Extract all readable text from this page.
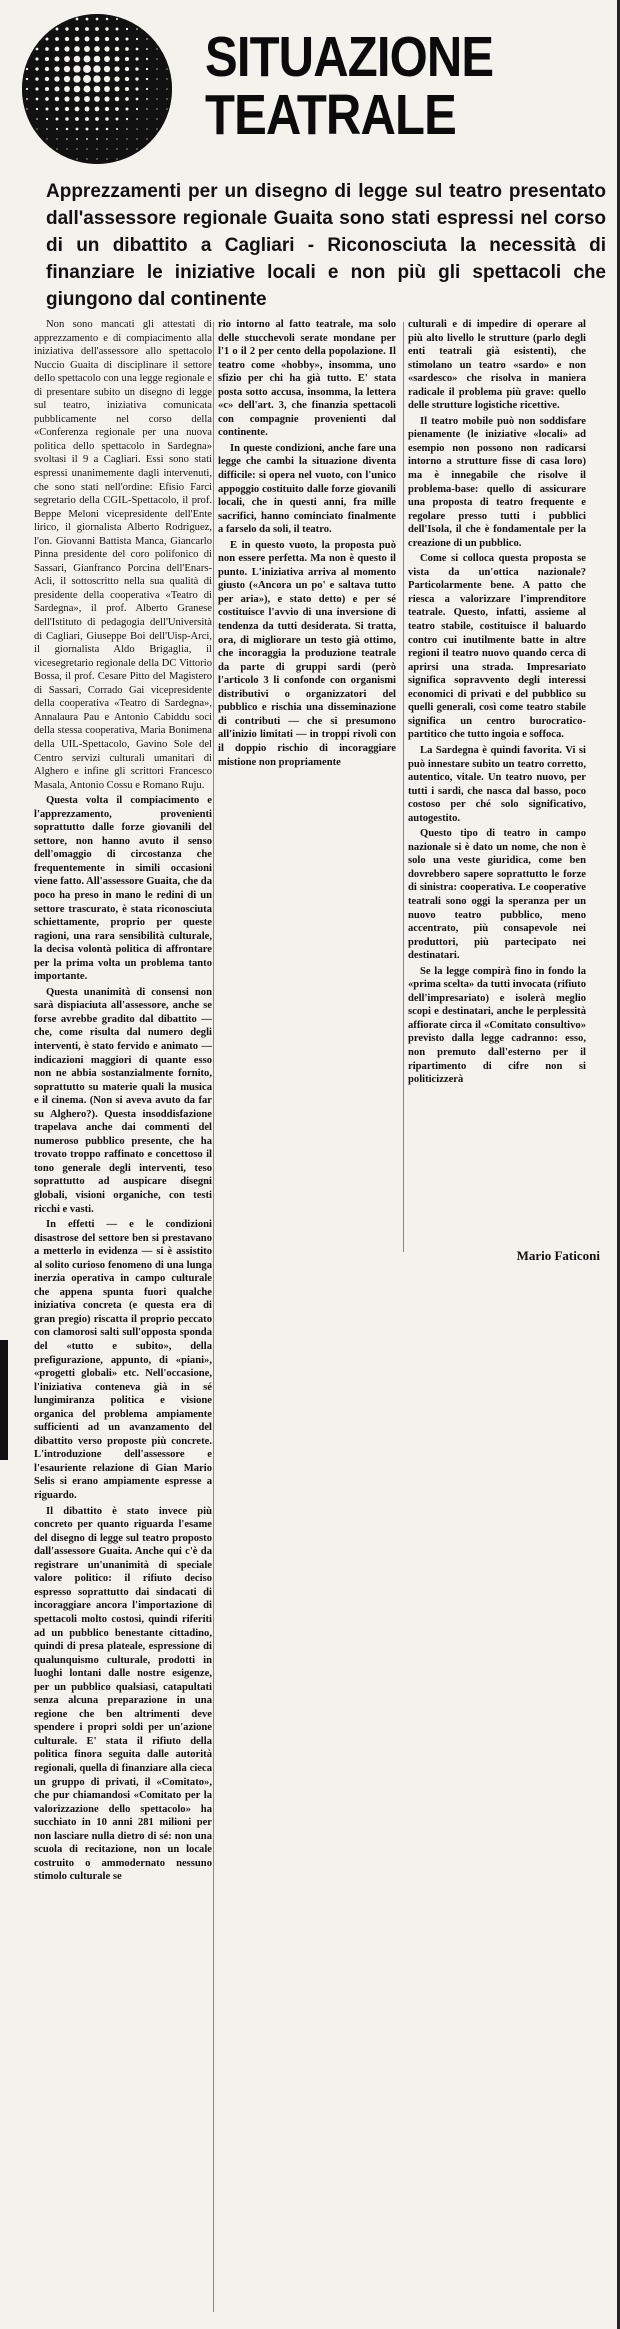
SITUAZIONE
TEATRALE
Apprezzamenti per un disegno di legge sul teatro presentato dall'assessore regionale Guaita sono stati espressi nel corso di un dibattito a Cagliari - Riconosciuta la necessità di finanziare le iniziative locali e non più gli spettacoli che giungono dal continente

Non sono mancati gli attestati di apprezzamento e di compiacimento alla iniziativa dell'assessore allo spettacolo Nuccio Guaita di disciplinare il settore dello spettacolo con una legge regionale e di presentare subito un disegno di legge sul teatro, iniziativa comunicata pubblicamente nel corso della «Conferenza regionale per una nuova politica dello spettacolo in Sardegna» svoltasi il 9 a Cagliari. Essi sono stati espressi unanimemente dagli intervenuti, che sono stati nell'ordine: Efisio Farci segretario della CGIL-Spettacolo, il prof. Beppe Meloni vicepresidente dell'Ente lirico, il giornalista Alberto Rodriguez, l'on. Giovanni Battista Manca, Giancarlo Pinna presidente del coro polifonico di Sassari, Gianfranco Porcina dell'Enars-Acli, il sottoscritto nella sua qualità di presidente della cooperativa «Teatro di Sardegna», il prof. Alberto Granese dell'Istituto di pedagogia dell'Università di Cagliari, Giuseppe Boi dell'Uisp-Arci, il giornalista Aldo Brigaglia, il vicesegretario regionale della DC Vittorio Bossa, il prof. Cesare Pitto del Magistero di Sassari, Corrado Gai vicepresidente della cooperativa «Teatro di Sardegna», Annalaura Pau e Antonio Cabiddu soci della stessa cooperativa, Maria Bonimena della UIL-Spettacolo, Gavino Sole del Centro servizi culturali umanitari di Alghero e infine gli scrittori Francesco Masala, Antonio Cossu e Romano Ruju.

Questa volta il compiacimento e l'apprezzamento, provenienti soprattutto dalle forze giovanili del settore, non hanno avuto il senso dell'omaggio di circostanza che frequentemente in simili occasioni viene fatto. All'assessore Guaita, che da poco ha preso in mano le redini di un settore trascurato, è stata riconosciuta schiettamente, proprio per queste ragioni, una rara sensibilità culturale, la decisa volontà politica di affrontare per la prima volta un problema tanto importante.

Questa unanimità di consensi non sarà dispiaciuta all'assessore, anche se forse avrebbe gradito dal dibattito — che, come risulta dal numero degli interventi, è stato fervido e animato — indicazioni maggiori di quante esso non ne abbia sostanzialmente fornito, soprattutto su materie quali la musica e il cinema. (Non si aveva avuto da far su Alghero?). Questa insoddisfazione trapelava anche dai commenti del numeroso pubblico presente, che ha trovato troppo raffinato e concettoso il tono generale degli interventi, teso soprattutto ad auspicare disegni globali, visioni organiche, con testi ricchi e vasti.

In effetti — e le condizioni disastrose del settore ben si prestavano a metterlo in evidenza — si è assistito al solito curioso fenomeno di una lunga inerzia operativa in campo culturale che appena spunta fuori qualche iniziativa concreta (e questa era di gran pregio) riscatta il proprio peccato con clamorosi salti sull'opposta sponda del «tutto e subito», della prefigurazione, appunto, di «piani», «progetti globali» etc. Nell'occasione, l'iniziativa conteneva già in sé lungimiranza politica e visione organica del problema ampiamente sufficienti ad un avanzamento del dibattito verso proposte più concrete. L'introduzione dell'assessore e l'esauriente relazione di Gian Mario Selis si erano ampiamente espresse a riguardo.

Il dibattito è stato invece più concreto per quanto riguarda l'esame del disegno di legge sul teatro proposto dall'assessore Guaita. Anche qui c'è da registrare un'unanimità di speciale valore politico: il rifiuto deciso espresso soprattutto dai sindacati di incoraggiare ancora l'importazione di spettacoli molto costosi, quindi riferiti ad un pubblico benestante cittadino, quindi di presa plateale, espressione di qualunquismo culturale, prodotti in luoghi lontani dalle nostre esigenze, per un pubblico qualsiasi, catapultati senza alcuna preparazione in una regione che ben altrimenti deve spendere i propri soldi per un'azione culturale. E' stata il rifiuto della politica finora seguita dalle autorità regionali, quella di finanziare alla cieca un gruppo di privati, il «Comitato», che pur chiamandosi «Comitato per la valorizzazione dello spettacolo» ha succhiato in 10 anni 281 milioni per non lasciare nulla dietro di sé: non una scuola di recitazione, non un locale costruito o ammodernato nessuno stimolo culturale se

rio intorno al fatto teatrale, ma solo delle stucchevoli serate mondane per l'1 o il 2 per cento della popolazione. Il teatro come «hobby», insomma, uno sfizio per chi ha già tutto. E' stata posta sotto accusa, insomma, la lettera «c» dell'art. 3, che finanzia spettacoli con compagnie provenienti dal continente.

In queste condizioni, anche fare una legge che cambi la situazione diventa difficile: si opera nel vuoto, con l'unico appoggio costituito dalle forze giovanili locali, che in questi anni, fra mille sacrifici, hanno cominciato finalmente a farselo da soli, il teatro.

E in questo vuoto, la proposta può non essere perfetta. Ma non è questo il punto. L'iniziativa arriva al momento giusto («Ancora un po' e saltava tutto per aria»), e stato detto) e per sé costituisce l'avvio di una inversione di tendenza da tutti desiderata. Si tratta, ora, di migliorare un testo già ottimo, che incoraggia la produzione teatrale da parte di gruppi sardi (però l'articolo 3 li confonde con organismi distributivi o organizzatori del pubblico e rischia una disseminazione di contributi — che si presumono all'inizio limitati — in troppi rivoli con il doppio rischio di incoraggiare mistione non propriamente

culturali e di impedire di operare al più alto livello le strutture (parlo degli enti teatrali già esistenti), che stimolano un teatro «sardo» e non «sardesco» che risolva in maniera radicale il problema più grave: quello delle strutture logistiche ricettive.

Il teatro mobile può non soddisfare pienamente (le iniziative «locali» ad esempio non possono non radicarsi intorno a strutture fisse di casa loro) ma è innegabile che risolve il problema-base: quello di assicurare una proposta di teatro frequente e regolare presso tutti i pubblici dell'Isola, il che è fondamentale per la creazione di un pubblico.

Come si colloca questa proposta se vista da un'ottica nazionale? Particolarmente bene. A patto che riesca a valorizzare l'imprenditore teatrale. Questo, infatti, assieme al teatro stabile, costituisce il baluardo contro cui inutilmente batte in altre regioni il teatro nuovo quando cerca di aprirsi una strada. Impresariato significa sopravvento degli interessi economici di privati e del pubblico su quelli generali, così come teatro stabile significa un centro burocratico-partitico che tutto ingoia e soffoca.

La Sardegna è quindi favorita. Vi si può innestare subito un teatro corretto, autentico, vitale. Un teatro nuovo, per tutti i sardi, che nasca dal basso, poco costoso per ché solo significativo, autogestito.

Questo tipo di teatro in campo nazionale si è dato un nome, che non è solo una veste giuridica, come ben dovrebbero sapere soprattutto le forze di sinistra: cooperativa. Le cooperative teatrali sono oggi la speranza per un nuovo teatro pubblico, meno accentrato, più consapevole nei produttori, più partecipato nei destinatari.

Se la legge compirà fino in fondo la «prima scelta» da tutti invocata (rifiuto dell'impresariato) e isolerà meglio scopi e destinatari, anche le perplessità affiorate circa il «Comitato consultivo» previsto dalla legge cadranno: esso, non premuto dall'esterno per il ripartimento di cifre non si politicizzerà

Mario Faticoni
